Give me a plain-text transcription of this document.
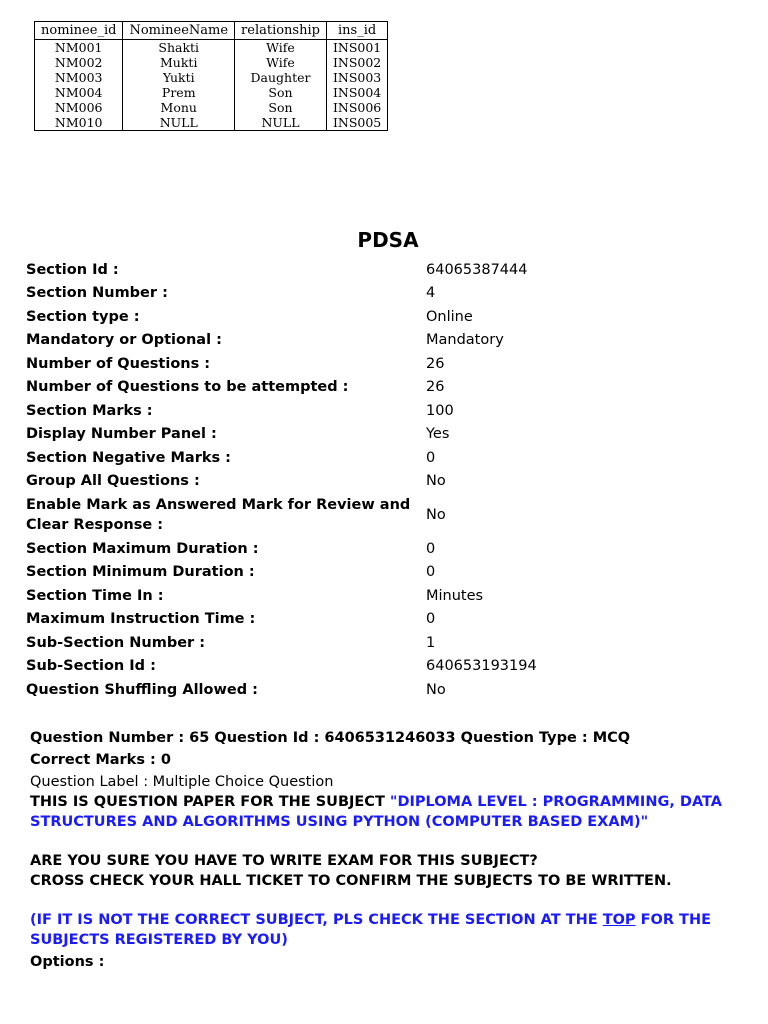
nominee_id	NomineeName	relationship	ins_id
NM001	Shakti	Wife	INS001
NM002	Mukti	Wife	INS002
NM003	Yukti	Daughter	INS003
NM004	Prem	Son	INS004
NM006	Monu	Son	INS006
NM010	NULL	NULL	INS005
PDSA
Section Id :	64065387444
Section Number :	4
Section type :	Online
Mandatory or Optional :	Mandatory
Number of Questions :	26
Number of Questions to be attempted :	26
Section Marks :	100
Display Number Panel :	Yes
Section Negative Marks :	0
Group All Questions :	No
Enable Mark as Answered Mark for Review and Clear Response :	No
Section Maximum Duration :	0
Section Minimum Duration :	0
Section Time In :	Minutes
Maximum Instruction Time :	0
Sub-Section Number :	1
Sub-Section Id :	640653193194
Question Shuffling Allowed :	No

Question Number : 65 Question Id : 6406531246033 Question Type : MCQ

Correct Marks : 0

Question Label : Multiple Choice Question

THIS IS QUESTION PAPER FOR THE SUBJECT "DIPLOMA LEVEL : PROGRAMMING, DATA STRUCTURES AND ALGORITHMS USING PYTHON (COMPUTER BASED EXAM)"

ARE YOU SURE YOU HAVE TO WRITE EXAM FOR THIS SUBJECT?

CROSS CHECK YOUR HALL TICKET TO CONFIRM THE SUBJECTS TO BE WRITTEN.

(IF IT IS NOT THE CORRECT SUBJECT, PLS CHECK THE SECTION AT THE TOP FOR THE SUBJECTS REGISTERED BY YOU)

Options :
